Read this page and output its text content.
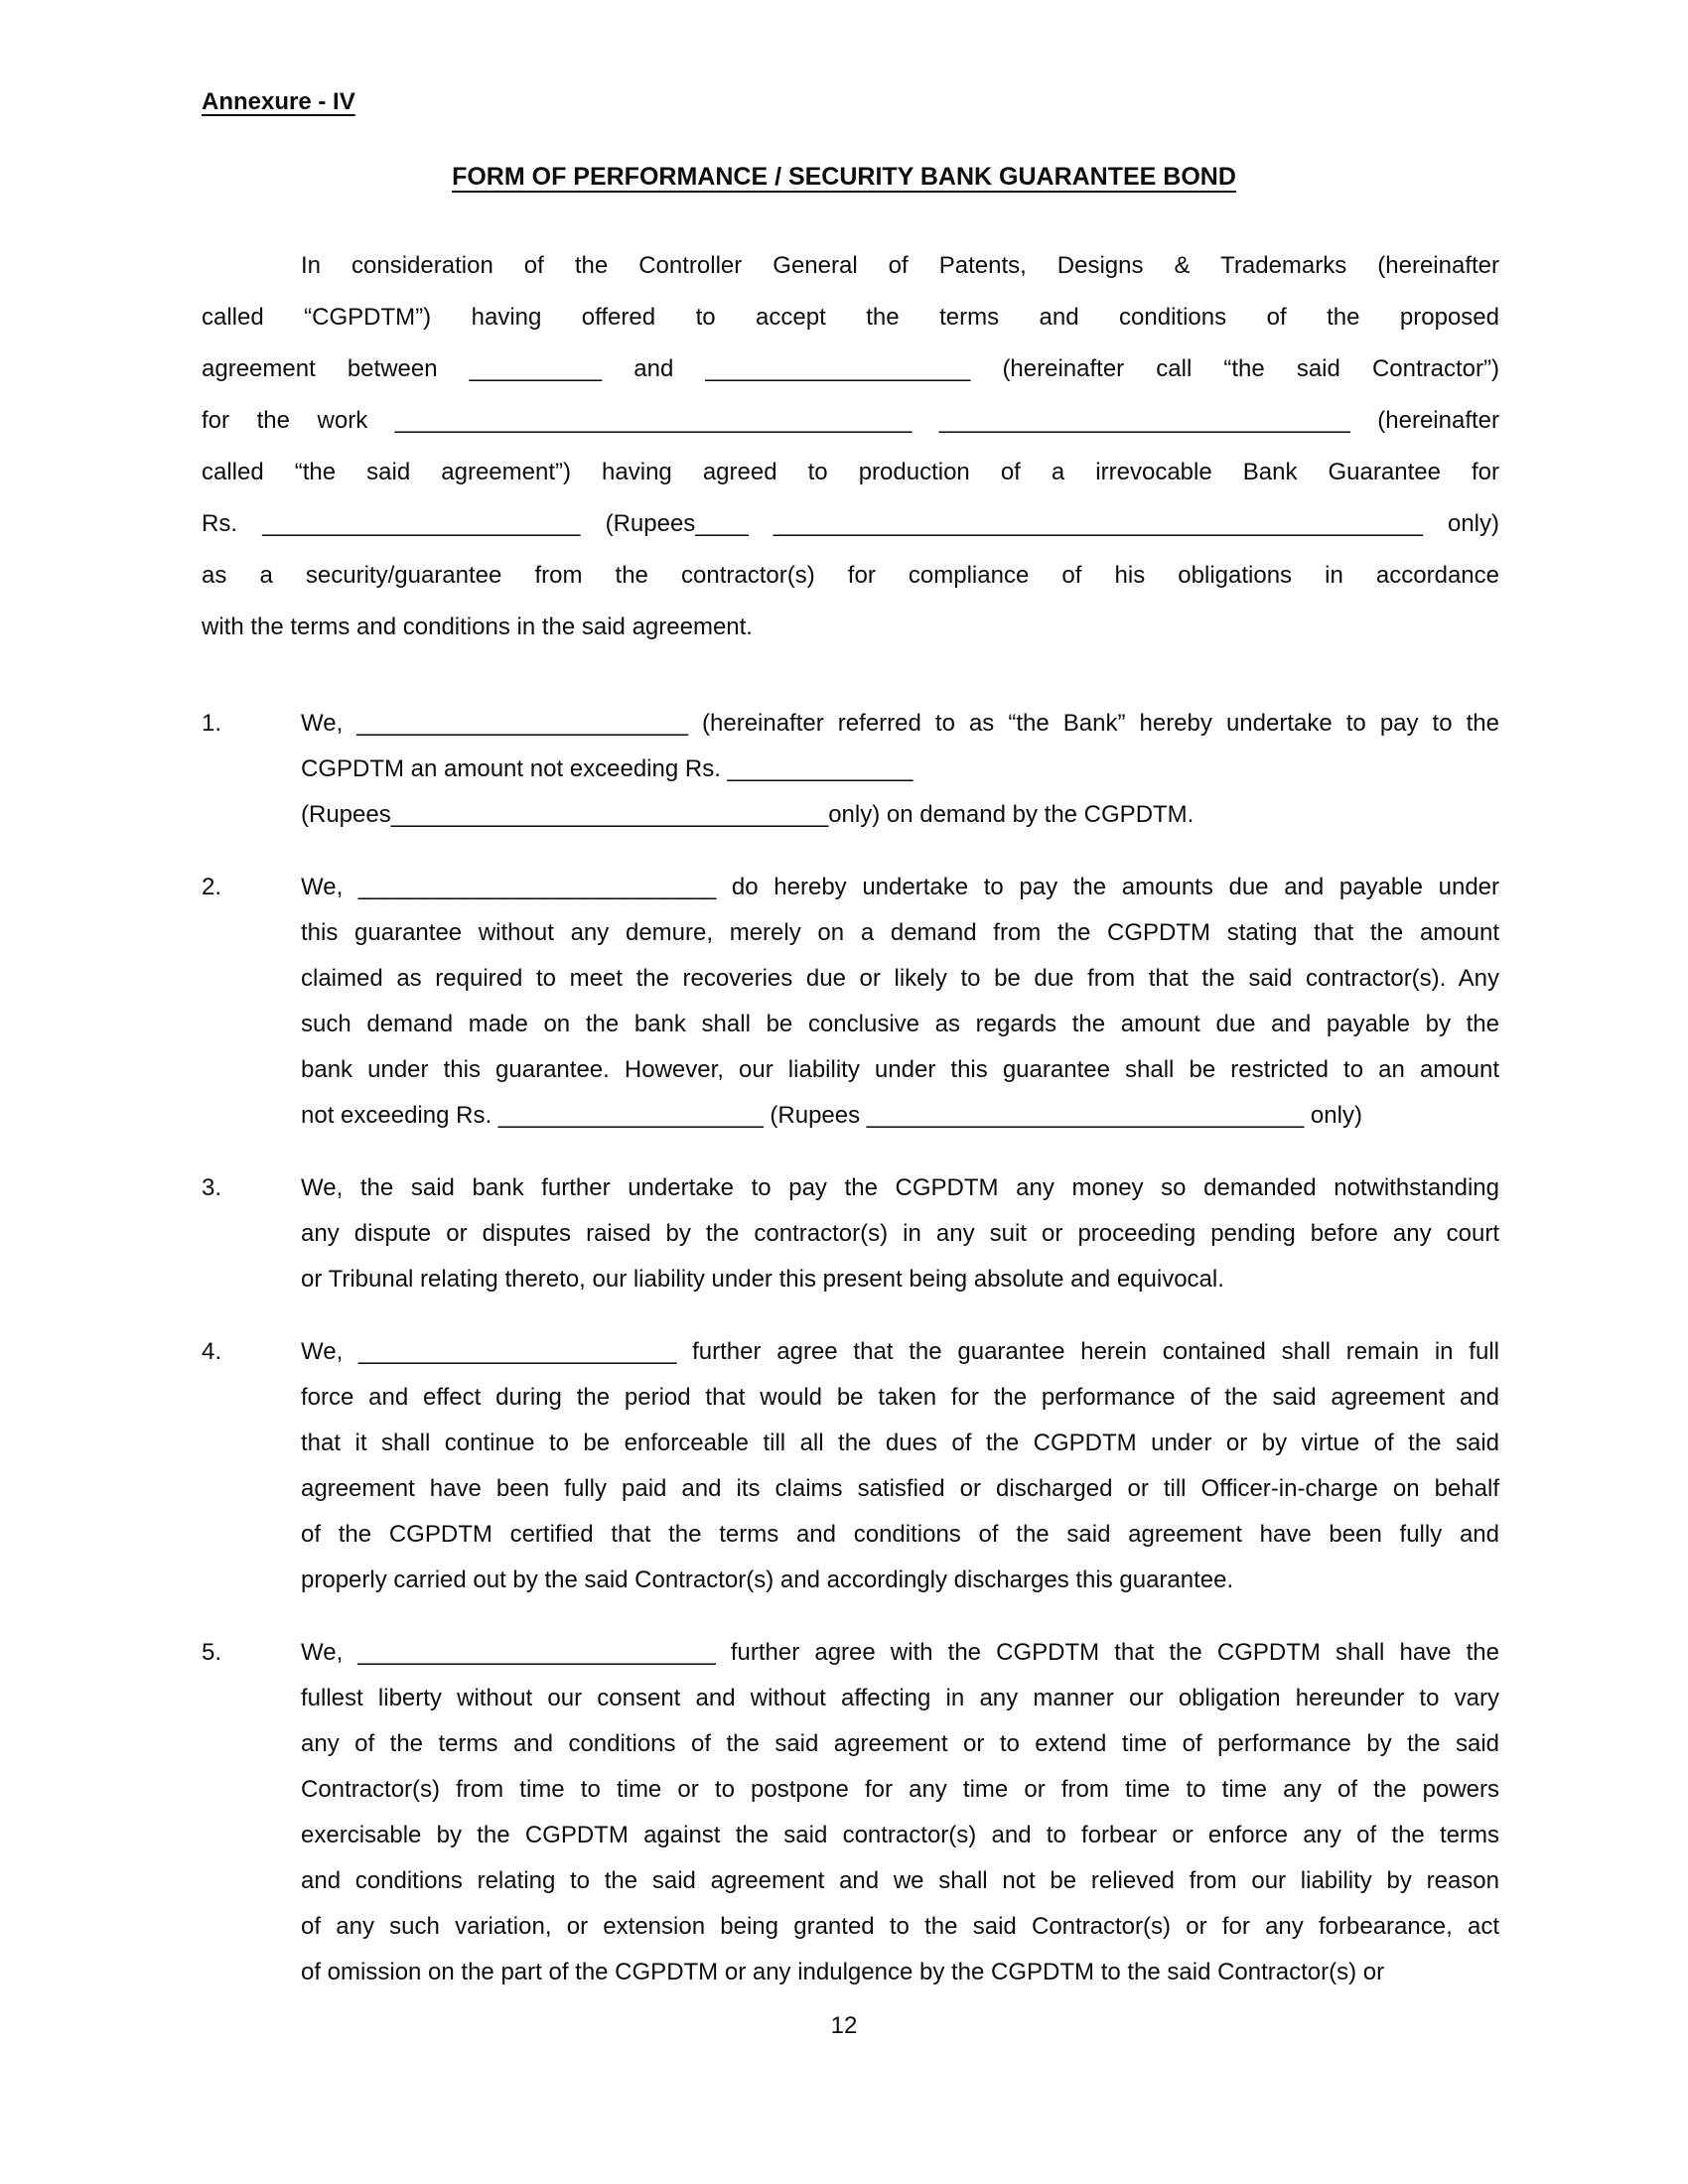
Annexure - IV
FORM OF PERFORMANCE / SECURITY BANK GUARANTEE BOND
In consideration of the Controller General of Patents, Designs & Trademarks (hereinafter
called “CGPDTM”) having offered to accept the terms and conditions of the proposed
agreement between __________ and ____________________ (hereinafter call “the said Contractor”)
for the work _______________________________________ _______________________________ (hereinafter
called “the said agreement”) having agreed to production of a irrevocable Bank Guarantee for
Rs. ________________________ (Rupees____ _________________________________________________ only)
as a security/guarantee from the contractor(s) for compliance of his obligations in accordance
with the terms and conditions in the said agreement.
1.	We, _________________________ (hereinafter referred to as “the Bank” hereby undertake to pay to the
CGPDTM an amount not exceeding Rs. ______________
(Rupees_________________________________only) on demand by the CGPDTM.
2.	We, ___________________________ do hereby undertake to pay the amounts due and payable under
this guarantee without any demure, merely on a demand from the CGPDTM stating that the amount
claimed as required to meet the recoveries due or likely to be due from that the said contractor(s). Any
such demand made on the bank shall be conclusive as regards the amount due and payable by the
bank under this guarantee. However, our liability under this guarantee shall be restricted to an amount
not exceeding Rs. ____________________ (Rupees _________________________________ only)
3.	We, the said bank further undertake to pay the CGPDTM any money so demanded notwithstanding
any dispute or disputes raised by the contractor(s) in any suit or proceeding pending before any court
or Tribunal relating thereto, our liability under this present being absolute and equivocal.
4.	We, ________________________ further agree that the guarantee herein contained shall remain in full
force and effect during the period that would be taken for the performance of the said agreement and
that it shall continue to be enforceable till all the dues of the CGPDTM under or by virtue of the said
agreement have been fully paid and its claims satisfied or discharged or till Officer-in-charge on behalf
of the CGPDTM certified that the terms and conditions of the said agreement have been fully and
properly carried out by the said Contractor(s) and accordingly discharges this guarantee.
5.	We, ___________________________ further agree with the CGPDTM that the CGPDTM shall have the
fullest liberty without our consent and without affecting in any manner our obligation hereunder to vary
any of the terms and conditions of the said agreement or to extend time of performance by the said
Contractor(s) from time to time or to postpone for any time or from time to time any of the powers
exercisable by the CGPDTM against the said contractor(s) and to forbear or enforce any of the terms
and conditions relating to the said agreement and we shall not be relieved from our liability by reason
of any such variation, or extension being granted to the said Contractor(s) or for any forbearance, act
of omission on the part of the CGPDTM or any indulgence by the CGPDTM to the said Contractor(s) or
12
